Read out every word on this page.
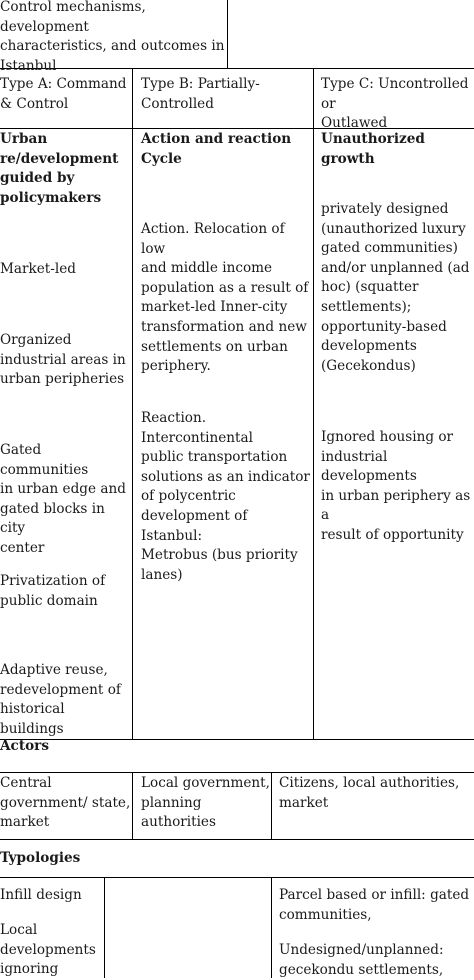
Control mechanisms, development
characteristics, and outcomes in
Istanbul

Type A: Command
& Control

Type B: Partially-
Controlled

Type C: Uncontrolled or
Outlawed

Urban
re/development
guided by
policymakers

Market-led

Organized
industrial areas in
urban peripheries

Gated communities
in urban edge and
gated blocks in city
center

Privatization of
public domain

Adaptive reuse,
redevelopment of
historical buildings

Action and reaction
Cycle

Action. Relocation of low
and middle income
population as a result of
market-led Inner-city
transformation and new
settlements on urban
periphery.

Reaction. Intercontinental
public transportation
solutions as an indicator
of polycentric
development of Istanbul:
Metrobus (bus priority
lanes)

Unauthorized growth

privately designed
(unauthorized luxury
gated communities)
and/or unplanned (ad
hoc) (squatter
settlements);
opportunity-based
developments
(Gecekondus)

Ignored housing or
industrial developments
in urban periphery as a
result of opportunity

Actors

Central
government/ state,
market

Local government,
planning
authorities

Citizens, local authorities,
market

Typologies

Infill design

Local developments
ignoring

Parcel based or infill: gated
communities,

Undesigned/unplanned:
gecekondu settlements,
